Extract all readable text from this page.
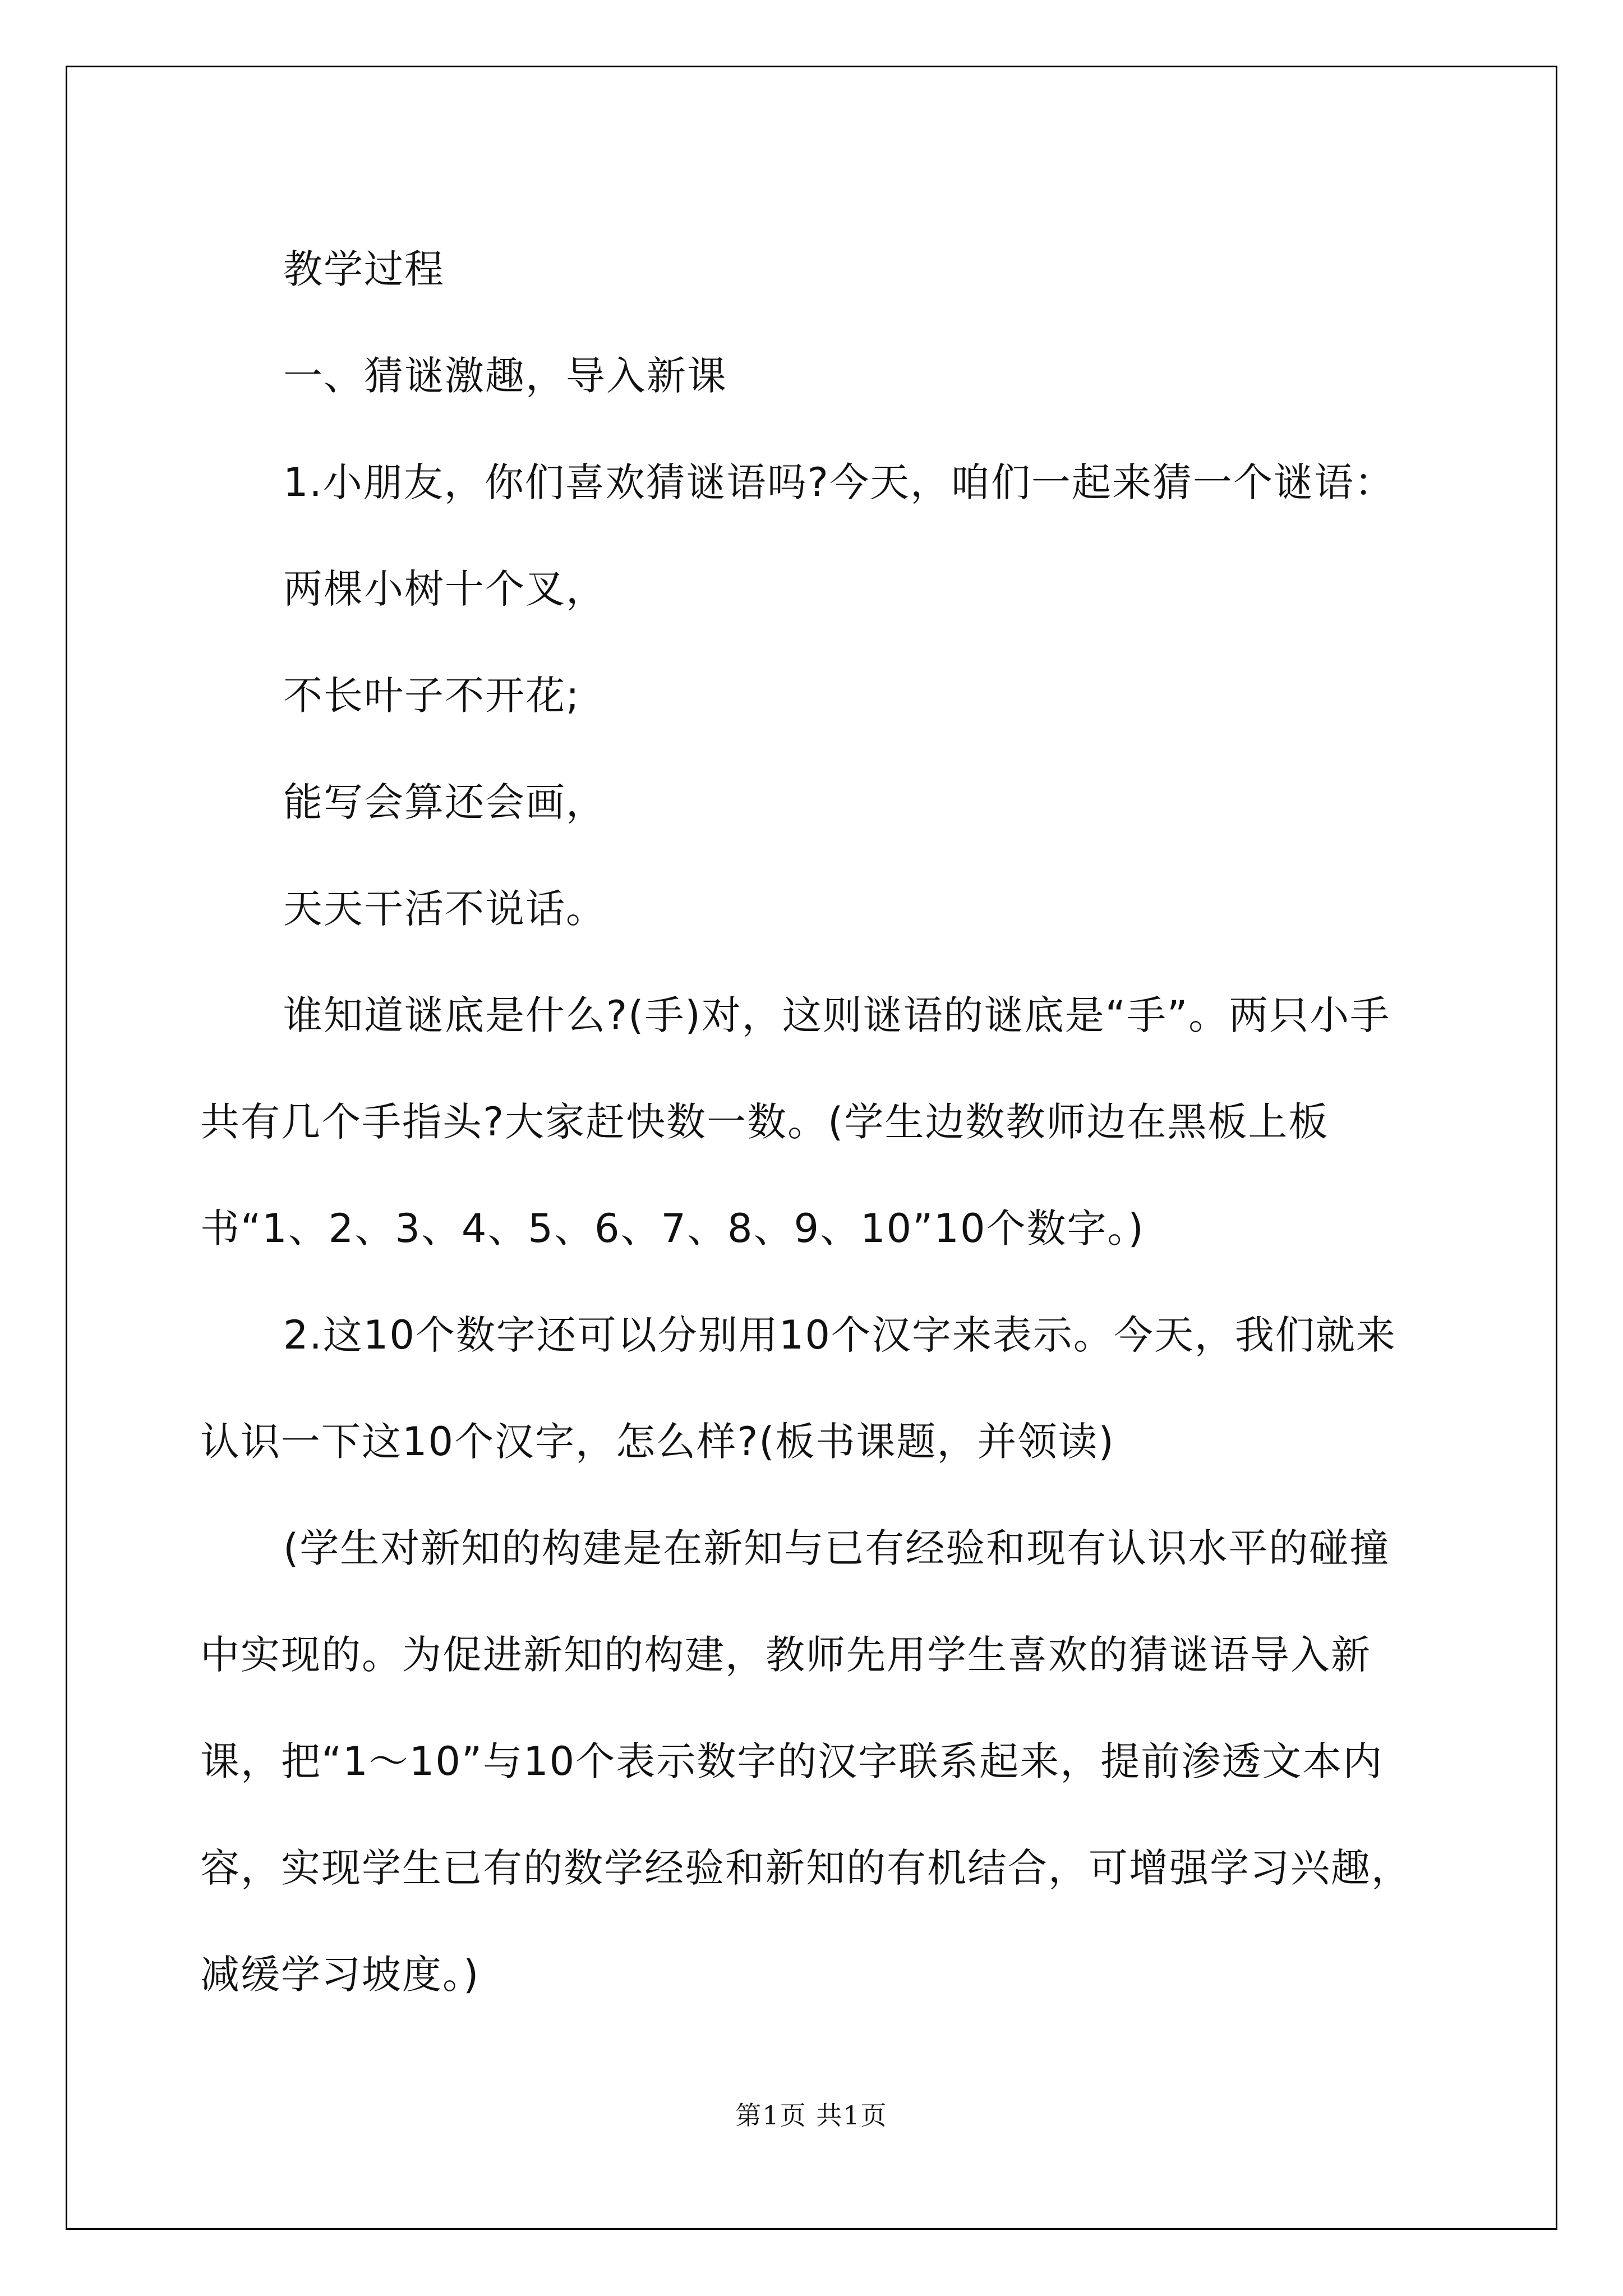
教学过程

一、猜谜激趣，导入新课

1.小朋友，你们喜欢猜谜语吗?今天，咱们一起来猜一个谜语：

两棵小树十个叉，

不长叶子不开花;

能写会算还会画，

天天干活不说话。

谁知道谜底是什么?(手)对，这则谜语的谜底是“手”。两只小手共有几个手指头?大家赶快数一数。(学生边数教师边在黑板上板书“1、2、3、4、5、6、7、8、9、10”10个数字。)

2.这10个数字还可以分别用10个汉字来表示。今天，我们就来认识一下这10个汉字，怎么样?(板书课题，并领读)

(学生对新知的构建是在新知与已有经验和现有认识水平的碰撞中实现的。为促进新知的构建，教师先用学生喜欢的猜谜语导入新课，把“1～10”与10个表示数字的汉字联系起来，提前渗透文本内容，实现学生已有的数学经验和新知的有机结合，可增强学习兴趣，减缓学习坡度。)

第1页 共1页
